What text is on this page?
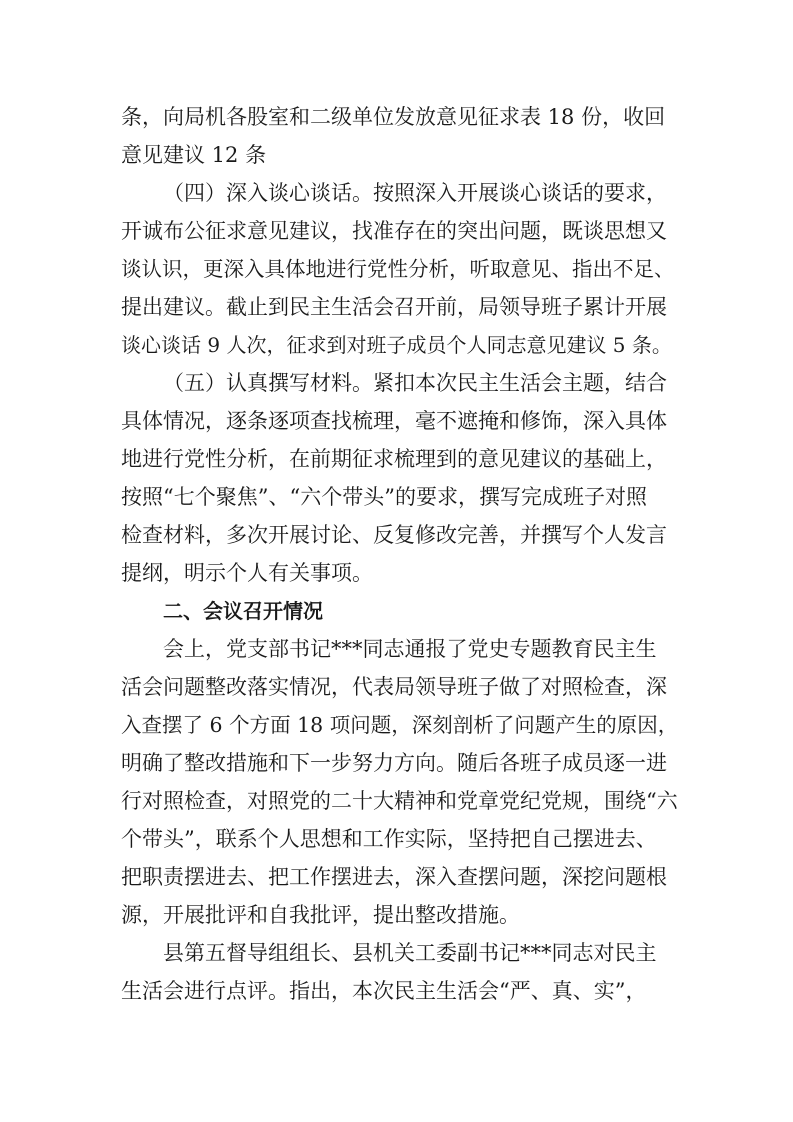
条，向局机各股室和二级单位发放意见征求表 18 份，收回
意见建议 12 条
（四）深入谈心谈话。按照深入开展谈心谈话的要求，
开诚布公征求意见建议，找准存在的突出问题，既谈思想又
谈认识，更深入具体地进行党性分析，听取意见、指出不足、
提出建议。截止到民主生活会召开前，局领导班子累计开展
谈心谈话 9 人次，征求到对班子成员个人同志意见建议 5 条。
（五）认真撰写材料。紧扣本次民主生活会主题，结合
具体情况，逐条逐项查找梳理，毫不遮掩和修饰，深入具体
地进行党性分析，在前期征求梳理到的意见建议的基础上，
按照“七个聚焦”、“六个带头”的要求，撰写完成班子对照
检查材料，多次开展讨论、反复修改完善，并撰写个人发言
提纲，明示个人有关事项。
二、会议召开情况
会上，党支部书记***同志通报了党史专题教育民主生
活会问题整改落实情况，代表局领导班子做了对照检查，深
入查摆了 6 个方面 18 项问题，深刻剖析了问题产生的原因，
明确了整改措施和下一步努力方向。随后各班子成员逐一进
行对照检查，对照党的二十大精神和党章党纪党规，围绕“六
个带头”，联系个人思想和工作实际，坚持把自己摆进去、
把职责摆进去、把工作摆进去，深入查摆问题，深挖问题根
源，开展批评和自我批评，提出整改措施。
县第五督导组组长、县机关工委副书记***同志对民主
生活会进行点评。指出，本次民主生活会“严、真、实”，
